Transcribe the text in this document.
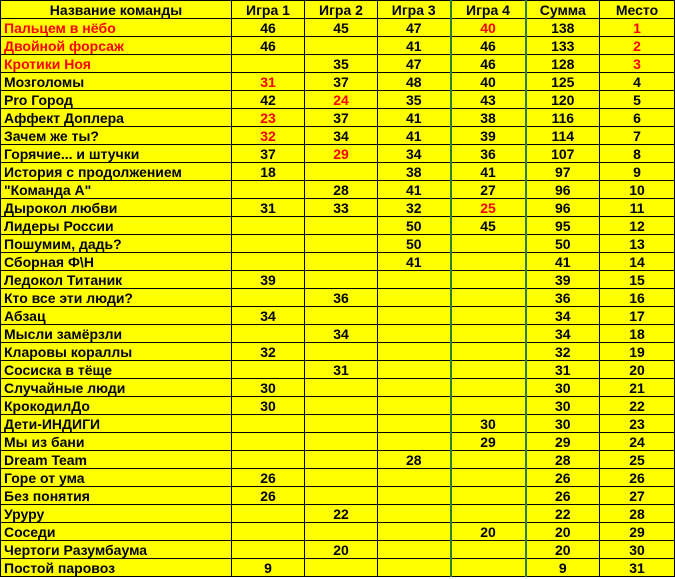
Название команды	Игра 1	Игра 2	Игра 3	Игра 4	Сумма	Место
Пальцем в нёбо	46	45	47	40	138	1
Двойной форсаж	46		41	46	133	2
Кротики Ноя		35	47	46	128	3
Мозголомы	31	37	48	40	125	4
Pro Город	42	24	35	43	120	5
Аффект Доплера	23	37	41	38	116	6
Зачем же ты?	32	34	41	39	114	7
Горячие... и штучки	37	29	34	36	107	8
История с продолжением	18		38	41	97	9
"Команда А"		28	41	27	96	10
Дырокол любви	31	33	32	25	96	11
Лидеры России			50	45	95	12
Пошумим, дадь?			50		50	13
Сборная Ф\Н			41		41	14
Ледокол Титаник	39				39	15
Кто все эти люди?		36			36	16
Абзац	34				34	17
Мысли замёрзли		34			34	18
Кларовы кораллы	32				32	19
Сосиска в тёще		31			31	20
Случайные люди	30				30	21
КрокодилДо	30				30	22
Дети-ИНДИГИ				30	30	23
Мы из бани				29	29	24
Dream Team			28		28	25
Горе от ума	26				26	26
Без понятия	26				26	27
Уруру		22			22	28
Соседи				20	20	29
Чертоги Разумбаума		20			20	30
Постой паровоз	9				9	31
